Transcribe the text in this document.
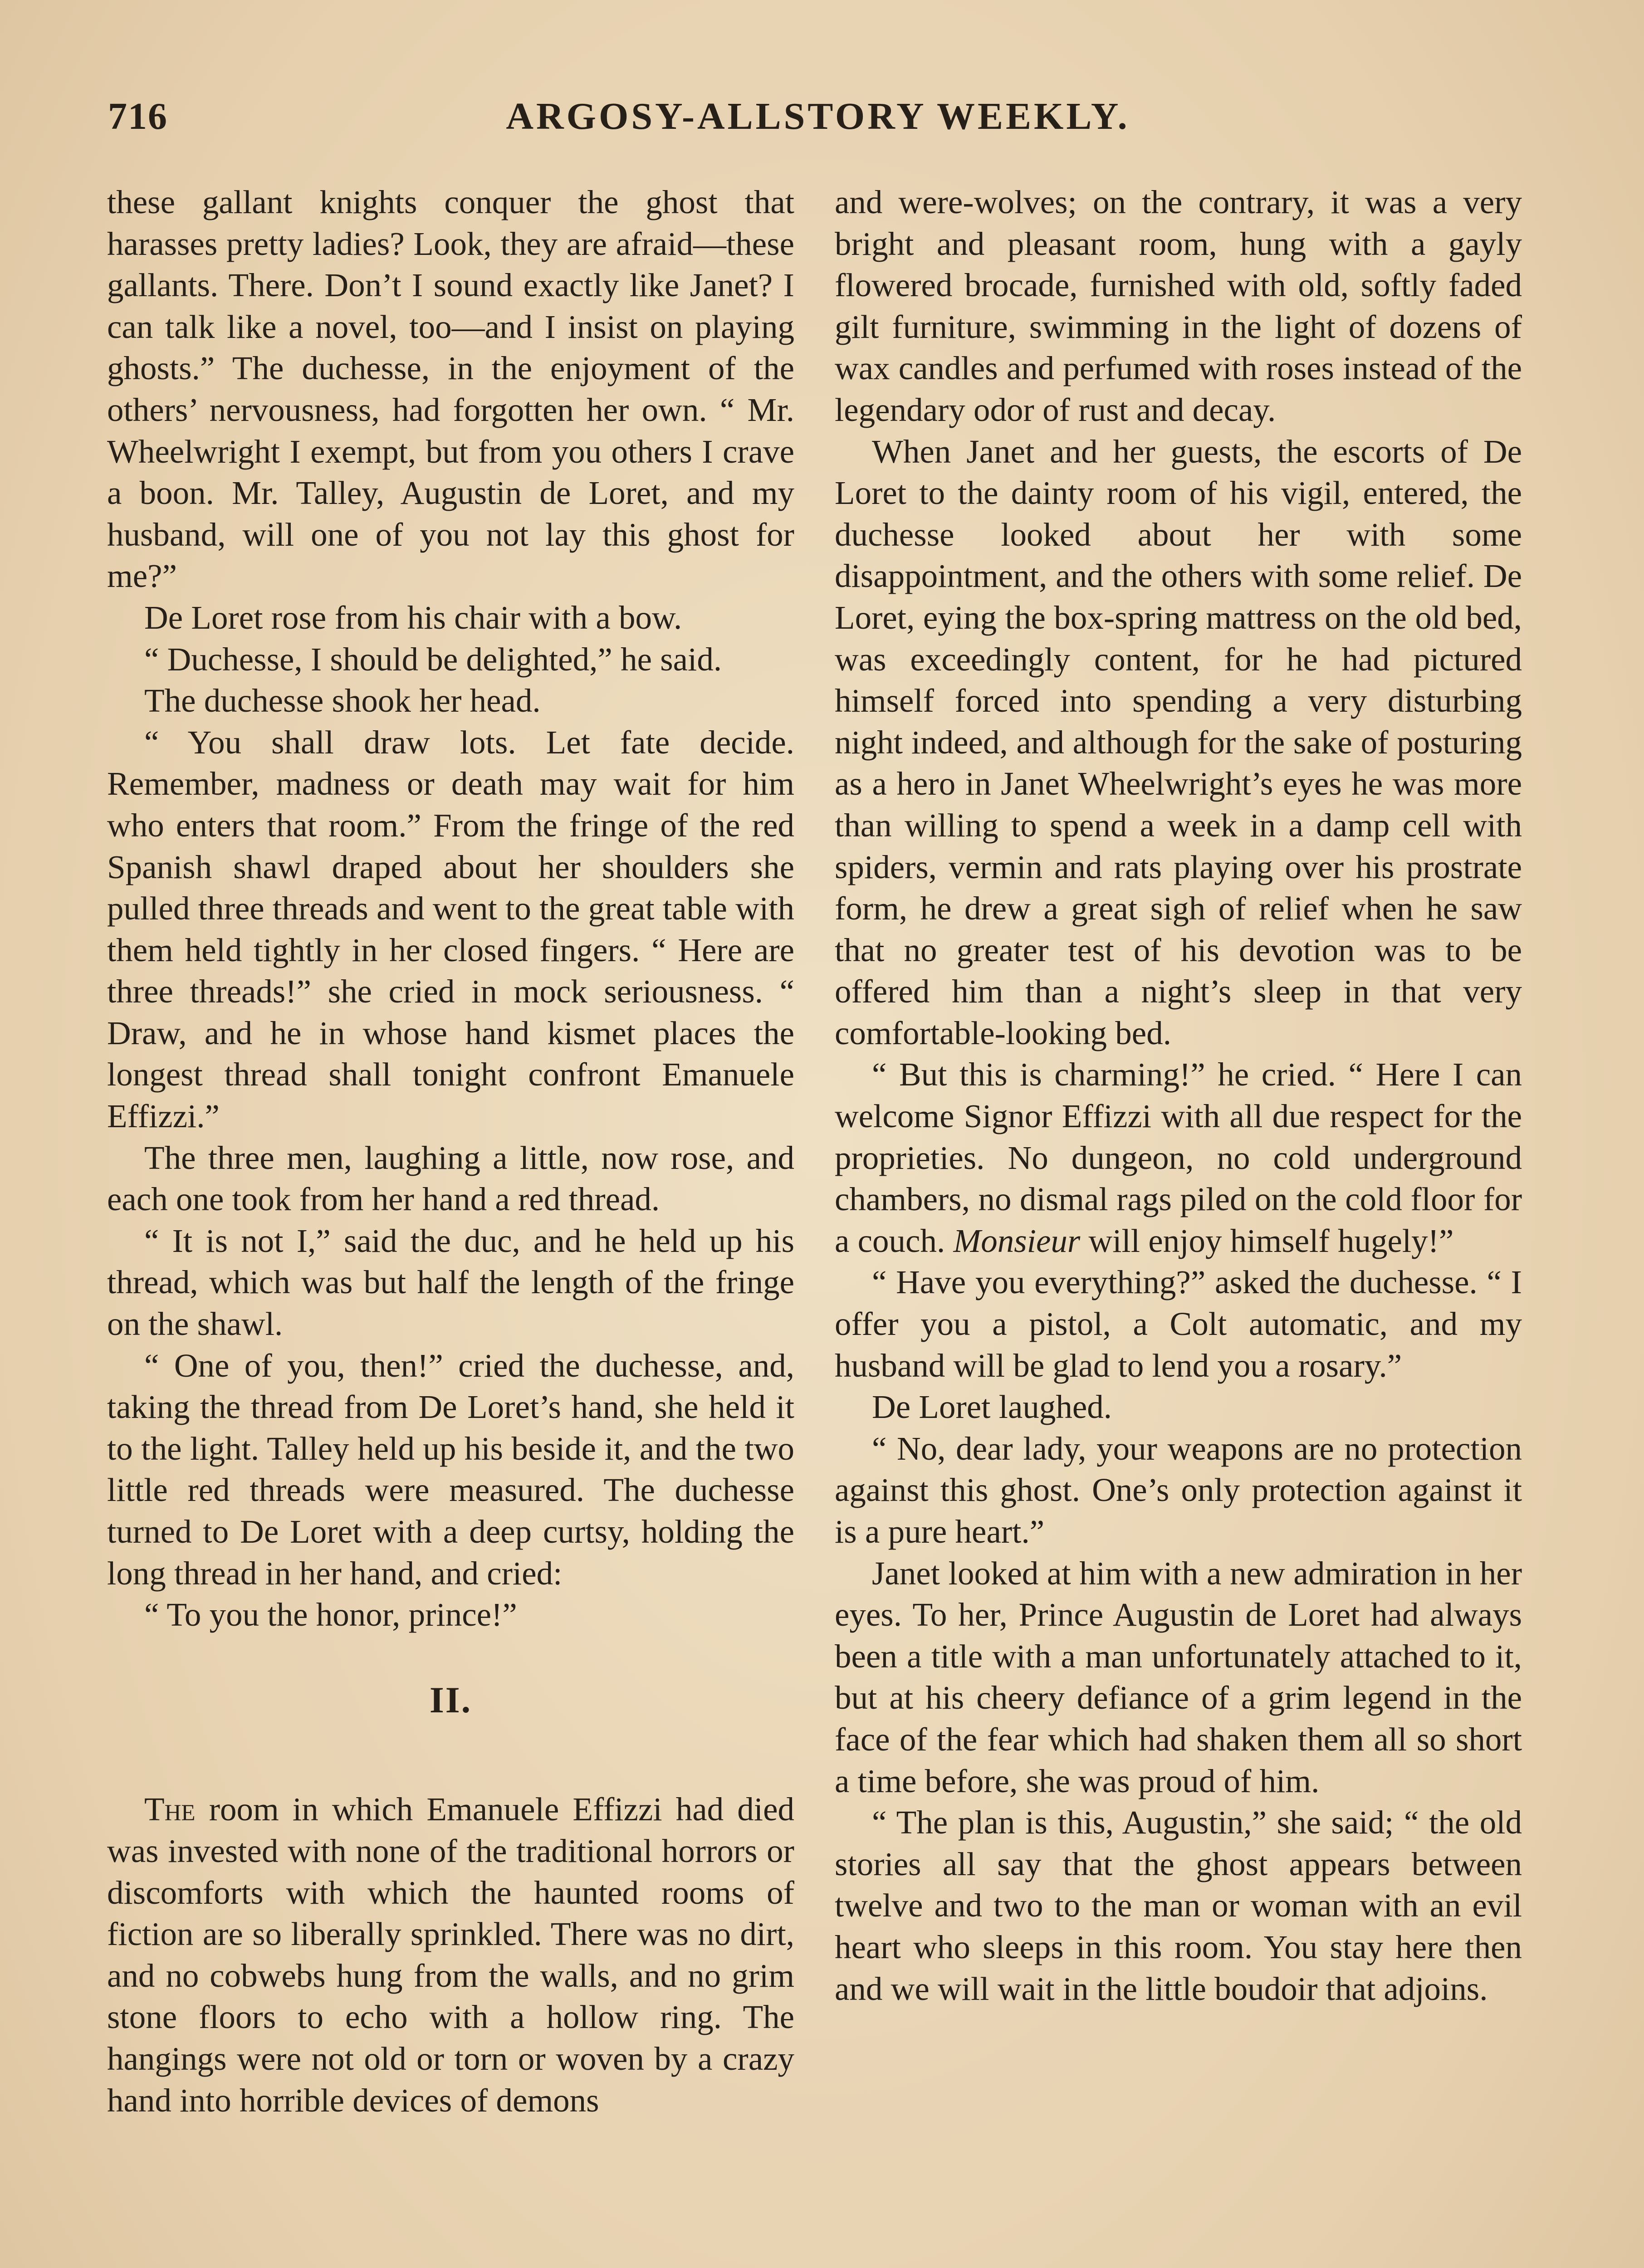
716	ARGOSY-ALLSTORY WEEKLY.

these gallant knights conquer the ghost that harasses pretty ladies? Look, they are afraid—these gallants. There. Don’t I sound exactly like Janet? I can talk like a novel, too—and I insist on playing ghosts.” The duchesse, in the enjoyment of the others’ nervousness, had forgotten her own. “ Mr. Wheelwright I exempt, but from you others I crave a boon. Mr. Talley, Augustin de Loret, and my husband, will one of you not lay this ghost for me?”

De Loret rose from his chair with a bow.

“ Duchesse, I should be delighted,” he said.

The duchesse shook her head.

“ You shall draw lots. Let fate decide. Remember, madness or death may wait for him who enters that room.” From the fringe of the red Spanish shawl draped about her shoulders she pulled three threads and went to the great table with them held tightly in her closed fingers. “ Here are three threads!” she cried in mock seriousness. “ Draw, and he in whose hand kismet places the longest thread shall tonight confront Emanuele Effizzi.”

The three men, laughing a little, now rose, and each one took from her hand a red thread.

“ It is not I,” said the duc, and he held up his thread, which was but half the length of the fringe on the shawl.

“ One of you, then!” cried the duchesse, and, taking the thread from De Loret’s hand, she held it to the light. Talley held up his beside it, and the two little red threads were measured. The duchesse turned to De Loret with a deep curtsy, holding the long thread in her hand, and cried:

“ To you the honor, prince!”

II.

The room in which Emanuele Effizzi had died was invested with none of the traditional horrors or discomforts with which the haunted rooms of fiction are so liberally sprinkled. There was no dirt, and no cobwebs hung from the walls, and no grim stone floors to echo with a hollow ring. The hangings were not old or torn or woven by a crazy hand into horrible devices of demons

and were-wolves; on the contrary, it was a very bright and pleasant room, hung with a gayly flowered brocade, furnished with old, softly faded gilt furniture, swimming in the light of dozens of wax candles and perfumed with roses instead of the legendary odor of rust and decay.

When Janet and her guests, the escorts of De Loret to the dainty room of his vigil, entered, the duchesse looked about her with some disappointment, and the others with some relief. De Loret, eying the box-spring mattress on the old bed, was exceedingly content, for he had pictured himself forced into spending a very disturbing night indeed, and although for the sake of posturing as a hero in Janet Wheelwright’s eyes he was more than willing to spend a week in a damp cell with spiders, vermin and rats playing over his prostrate form, he drew a great sigh of relief when he saw that no greater test of his devotion was to be offered him than a night’s sleep in that very comfortable-looking bed.

“ But this is charming!” he cried. “ Here I can welcome Signor Effizzi with all due respect for the proprieties. No dungeon, no cold underground chambers, no dismal rags piled on the cold floor for a couch. Monsieur will enjoy himself hugely!”

“ Have you everything?” asked the duchesse. “ I offer you a pistol, a Colt automatic, and my husband will be glad to lend you a rosary.”

De Loret laughed.

“ No, dear lady, your weapons are no protection against this ghost. One’s only protection against it is a pure heart.”

Janet looked at him with a new admiration in her eyes. To her, Prince Augustin de Loret had always been a title with a man unfortunately attached to it, but at his cheery defiance of a grim legend in the face of the fear which had shaken them all so short a time before, she was proud of him.

“ The plan is this, Augustin,” she said; “ the old stories all say that the ghost appears between twelve and two to the man or woman with an evil heart who sleeps in this room. You stay here then and we will wait in the little boudoir that adjoins.
